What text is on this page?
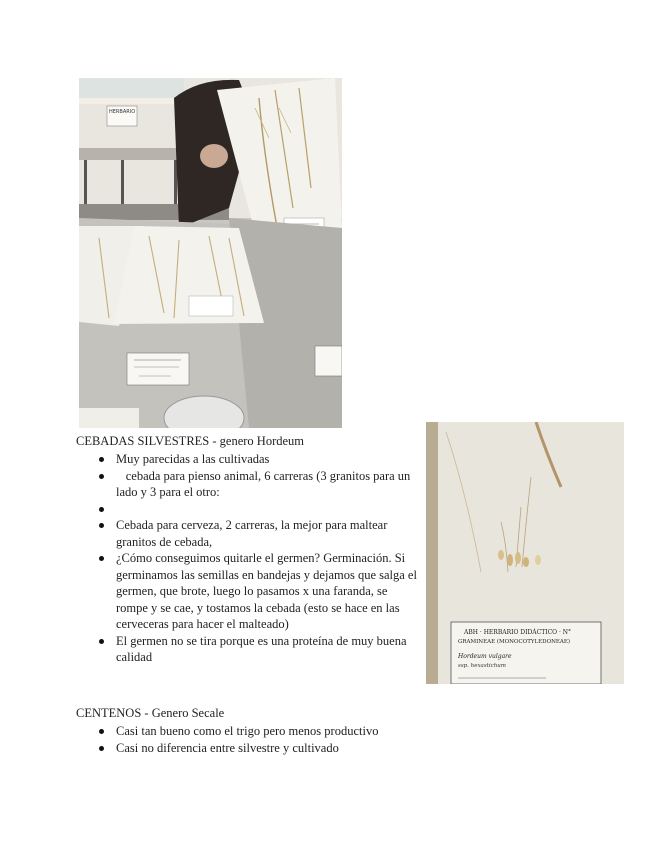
HERBARIO
ABH · HERBARIO DIDÁCTICO · N°
GRAMINEAE (MONOCOTYLEDONEAE)
Hordeum vulgare
ssp. hexastichum
CEBADAS SILVESTRES - genero Hordeum
Muy parecidas a las cultivadas
 cebada para pienso animal, 6 carreras (3 granitos para un lado y 3 para el otro:
Cebada para cerveza, 2 carreras, la mejor para maltear granitos de cebada,
¿Cómo conseguimos quitarle el germen? Germinación. Si germinamos las semillas en bandejas y dejamos que salga el germen, que brote, luego lo pasamos x una faranda, se rompe y se cae, y tostamos la cebada (esto se hace en las cerveceras para hacer el malteado)
El germen no se tira porque es una proteína de muy buena calidad
CENTENOS - Genero Secale
Casi tan bueno como el trigo pero menos productivo
Casi no diferencia entre silvestre y cultivado
